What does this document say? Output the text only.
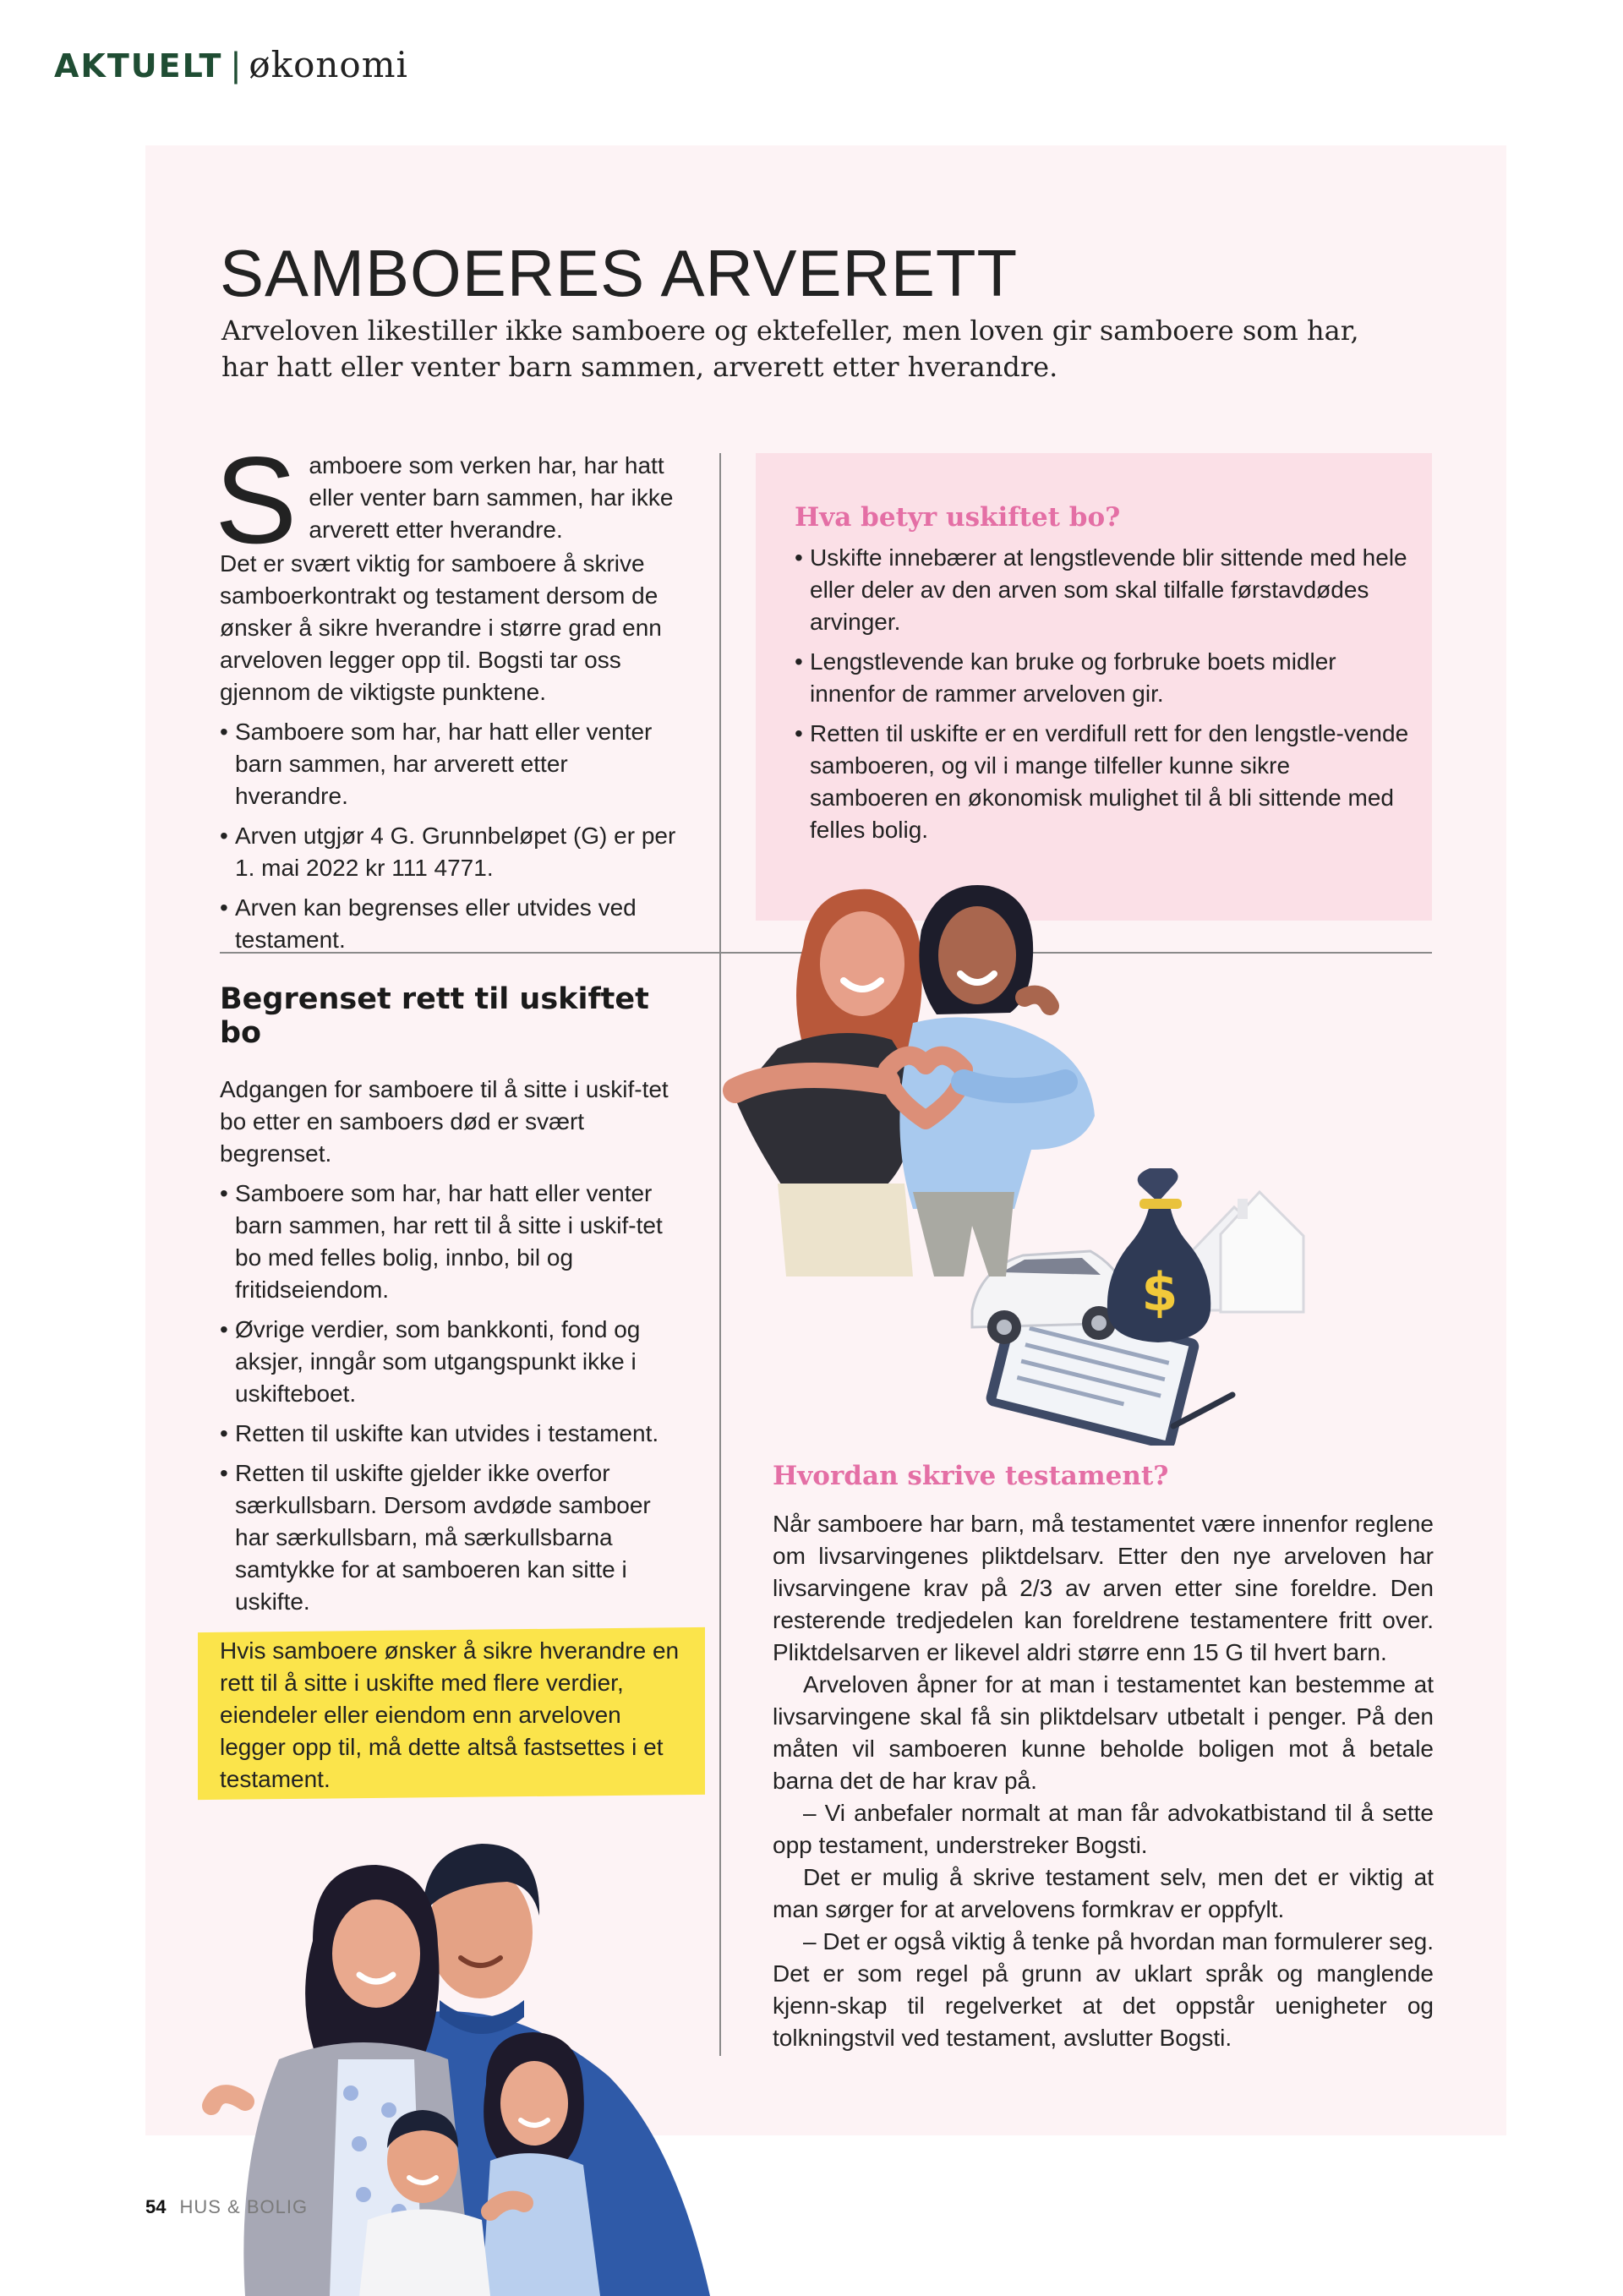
AKTUELT | økonomi
SAMBOERES ARVERETT

Arveloven likestiller ikke samboere og ektefeller, men loven gir samboere som har, har hatt eller venter barn sammen, arverett etter hverandre.

S amboere som verken har, har hatt eller venter barn sammen, har ikke arverett etter hverandre.

Det er svært viktig for samboere å skrive samboerkontrakt og testament dersom de ønsker å sikre hverandre i større grad enn arveloven legger opp til. Bogsti tar oss gjennom de viktigste punktene.

• Samboere som har, har hatt eller venter barn sammen, har arverett etter hverandre.
• Arven utgjør 4 G. Grunnbeløpet (G) er per 1. mai 2022 kr 111 4771.
• Arven kan begrenses eller utvides ved testament.
Hva betyr uskiftet bo?
• Uskifte innebærer at lengstlevende blir sittende med hele eller deler av den arven som skal tilfalle førstavdødes arvinger.
• Lengstlevende kan bruke og forbruke boets midler innenfor de rammer arveloven gir.
• Retten til uskifte er en verdifull rett for den lengstle-vende samboeren, og vil i mange tilfeller kunne sikre samboeren en økonomisk mulighet til å bli sittende med felles bolig.
Begrenset rett til uskiftet bo

Adgangen for samboere til å sitte i uskif-tet bo etter en samboers død er svært begrenset.

• Samboere som har, har hatt eller venter barn sammen, har rett til å sitte i uskif-tet bo med felles bolig, innbo, bil og fritidseiendom.
• Øvrige verdier, som bankkonti, fond og aksjer, inngår som utgangspunkt ikke i uskifteboet.
• Retten til uskifte kan utvides i testament.
• Retten til uskifte gjelder ikke overfor særkullsbarn. Dersom avdøde samboer har særkullsbarn, må særkullsbarna samtykke for at samboeren kan sitte i uskifte.

Hvis samboere ønsker å sikre hverandre en rett til å sitte i uskifte med flere verdier, eiendeler eller eiendom enn arveloven legger opp til, må dette altså fastsettes i et testament.

Hvordan skrive testament?

Når samboere har barn, må testamentet være innenfor reglene om livsarvingenes pliktdelsarv. Etter den nye arveloven har livsarvingene krav på 2/3 av arven etter sine foreldre. Den resterende tredjedelen kan foreldrene testamentere fritt over. Pliktdelsarven er likevel aldri større enn 15 G til hvert barn.

Arveloven åpner for at man i testamentet kan bestemme at livsarvingene skal få sin pliktdelsarv utbetalt i penger. På den måten vil samboeren kunne beholde boligen mot å betale barna det de har krav på.

– Vi anbefaler normalt at man får advokatbistand til å sette opp testament, understreker Bogsti.

Det er mulig å skrive testament selv, men det er viktig at man sørger for at arvelovens formkrav er oppfylt.

– Det er også viktig å tenke på hvordan man formulerer seg. Det er som regel på grunn av uklart språk og manglende kjenn-skap til regelverket at det oppstår uenigheter og tolkningstvil ved testament, avslutter Bogsti.

$
54 HUS & BOLIG
